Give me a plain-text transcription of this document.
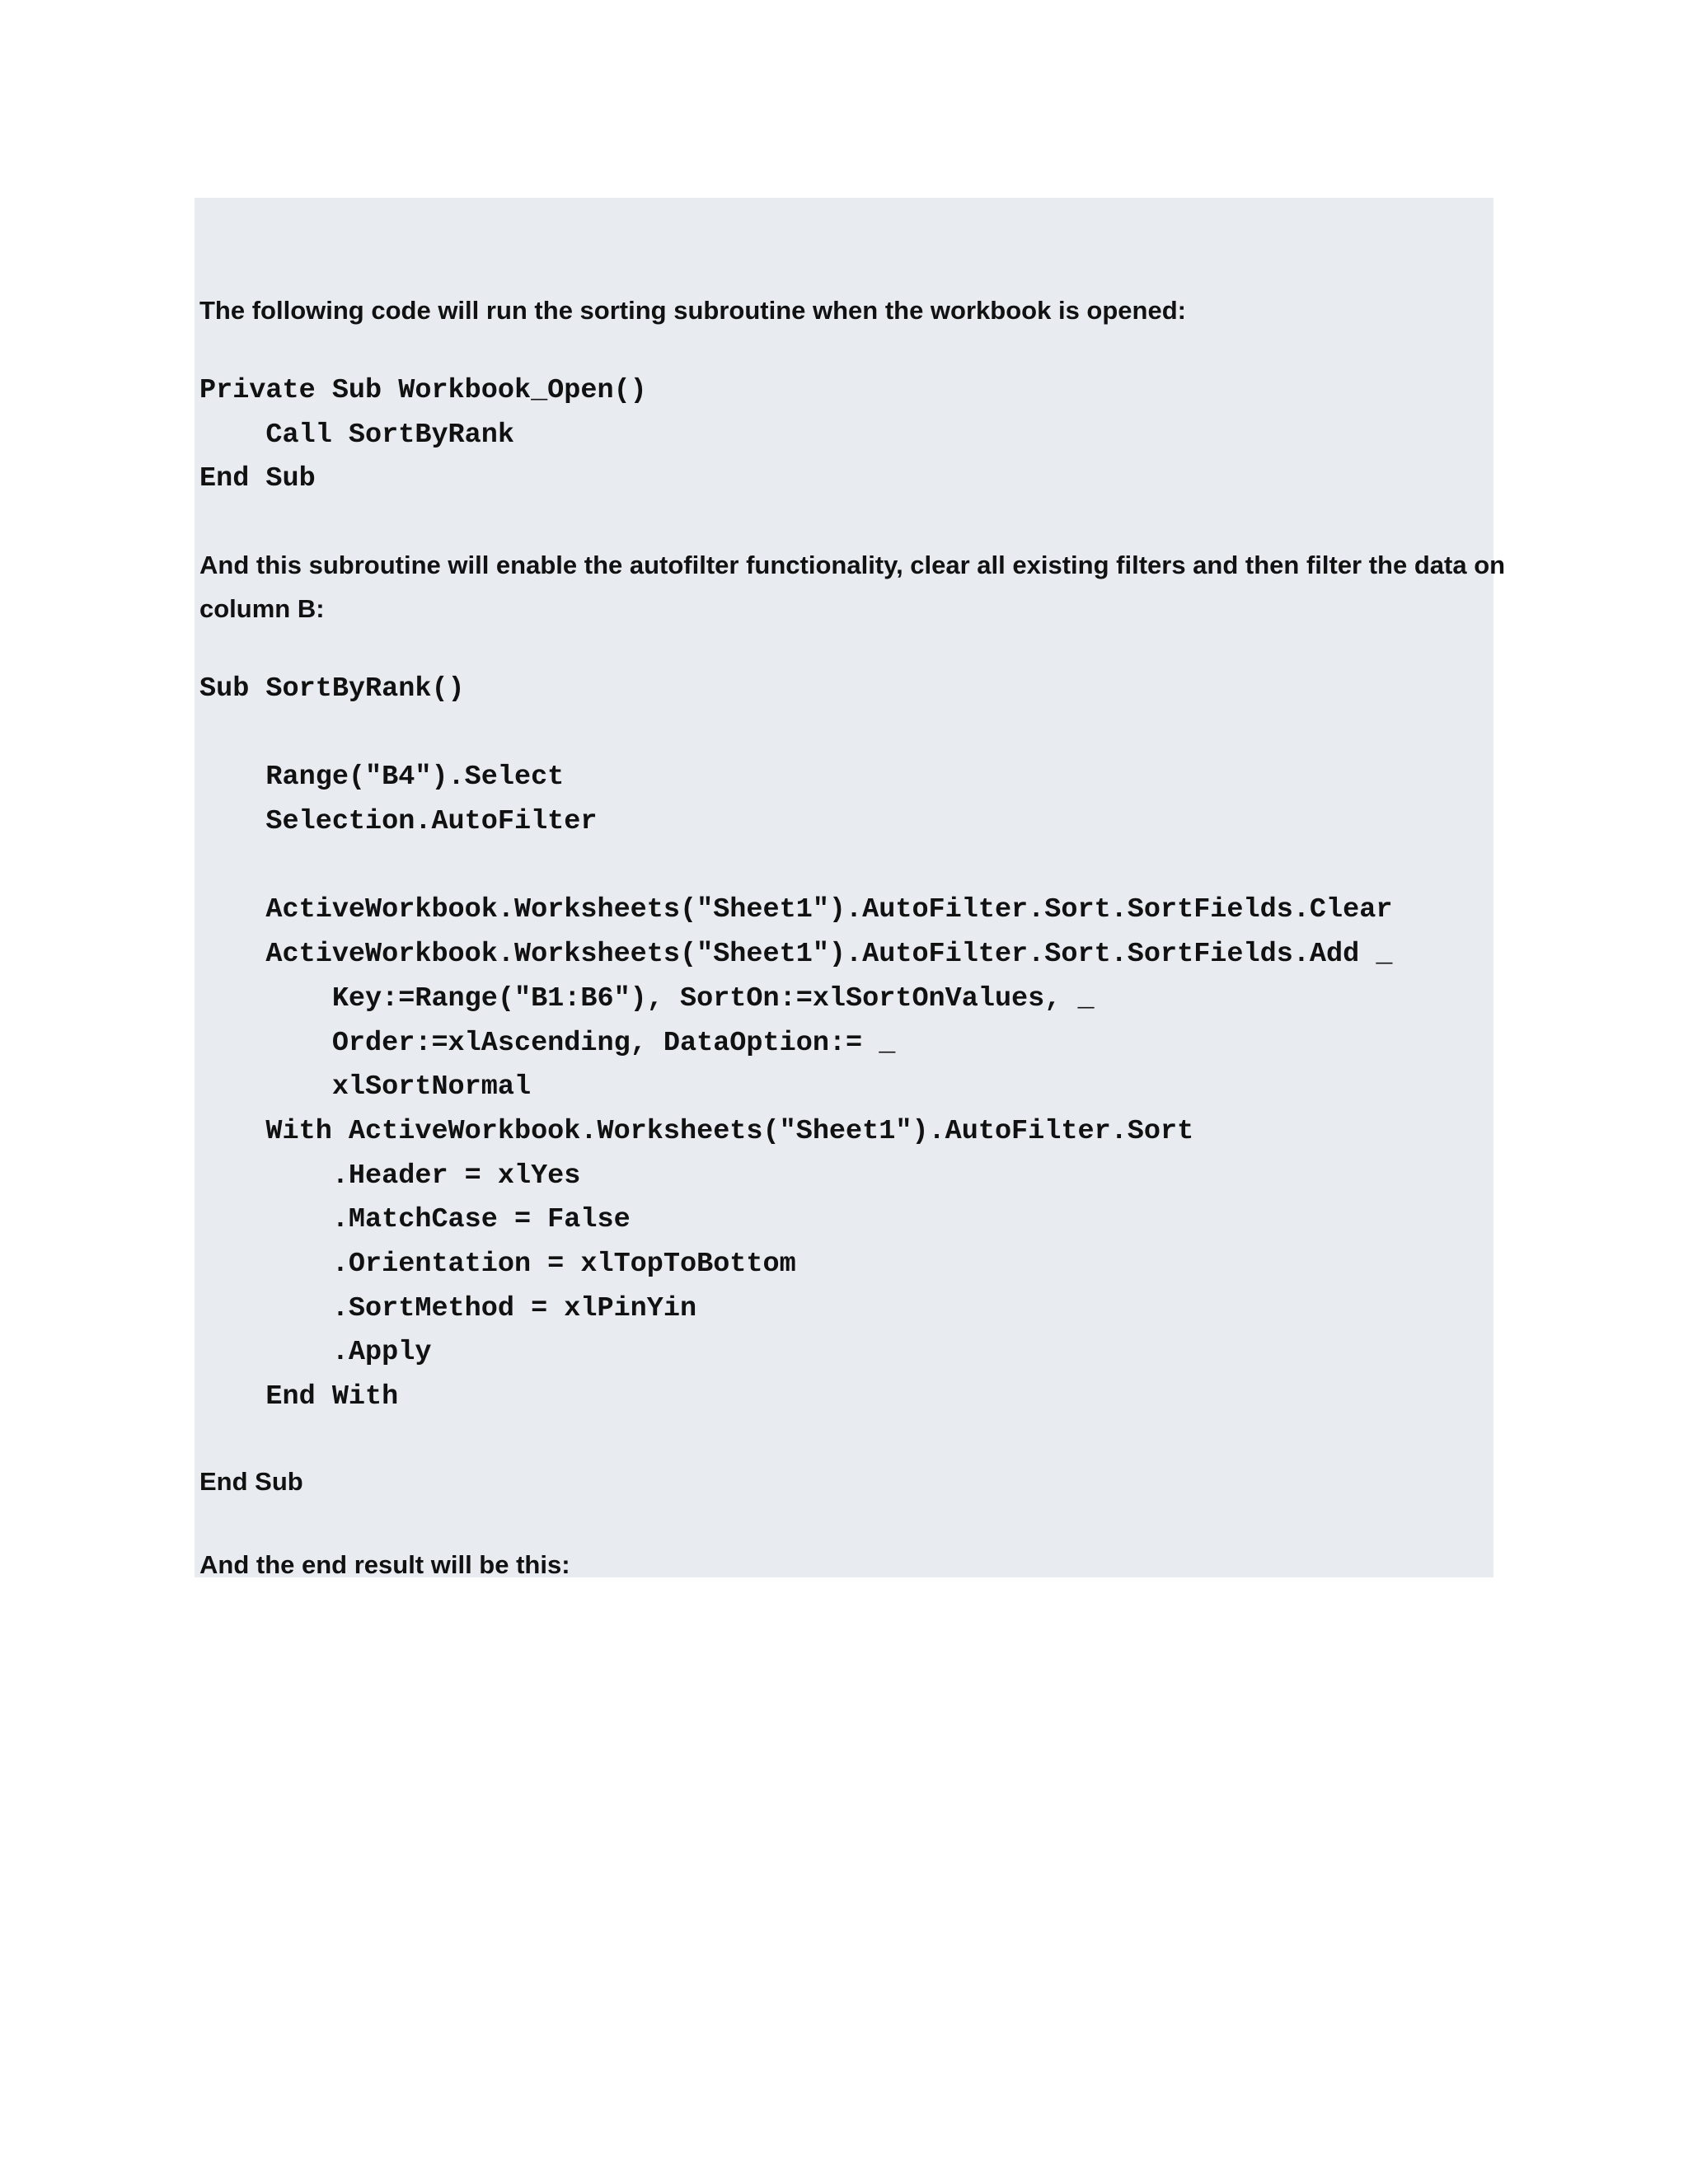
The following code will run the sorting subroutine when the workbook is opened:
Private Sub Workbook_Open()
Call SortByRank
End Sub
And this subroutine will enable the autofilter functionality, clear all existing filters and then filter the data on
column B:
Sub SortByRank()
Range("B4").Select
Selection.AutoFilter
ActiveWorkbook.Worksheets("Sheet1").AutoFilter.Sort.SortFields.Clear
ActiveWorkbook.Worksheets("Sheet1").AutoFilter.Sort.SortFields.Add _
Key:=Range("B1:B6"), SortOn:=xlSortOnValues, _
Order:=xlAscending, DataOption:= _
xlSortNormal
With ActiveWorkbook.Worksheets("Sheet1").AutoFilter.Sort
.Header = xlYes
.MatchCase = False
.Orientation = xlTopToBottom
.SortMethod = xlPinYin
.Apply
End With
End Sub
And the end result will be this:
